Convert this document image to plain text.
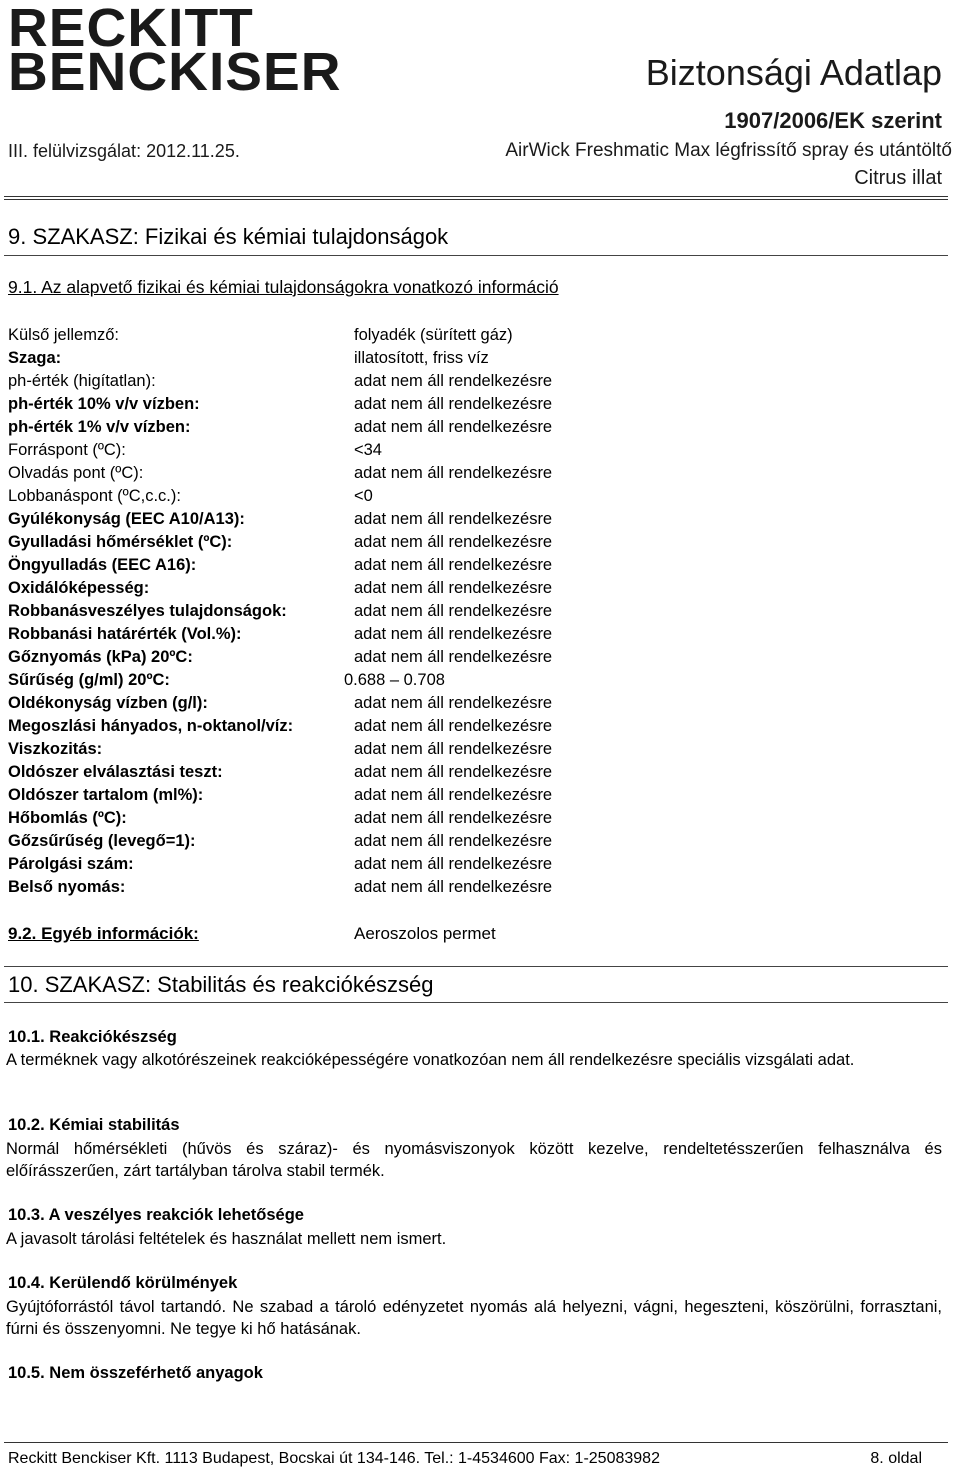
RECKITT
BENCKISER
III. felülvizsgálat: 2012.11.25.
Biztonsági Adatlap
1907/2006/EK szerint
AirWick Freshmatic Max légfrissítő spray és utántöltő
Citrus illat
9. SZAKASZ: Fizikai és kémiai tulajdonságok
9.1. Az alapvető fizikai és kémiai tulajdonságokra vonatkozó információ
Külső jellemző:	folyadék (sürített gáz)
Szaga:	illatosított, friss víz
ph-érték (higítatlan):	adat nem áll rendelkezésre
ph-érték 10% v/v vízben:	adat nem áll rendelkezésre
ph-érték 1% v/v vízben:	adat nem áll rendelkezésre
Forráspont (ºC):	<34
Olvadás pont (ºC):	adat nem áll rendelkezésre
Lobbanáspont (ºC,c.c.):	<0
Gyúlékonyság (EEC A10/A13):	adat nem áll rendelkezésre
Gyulladási hőmérséklet (ºC):	adat nem áll rendelkezésre
Öngyulladás (EEC A16):	adat nem áll rendelkezésre
Oxidálóképesség:	adat nem áll rendelkezésre
Robbanásveszélyes tulajdonságok:	adat nem áll rendelkezésre
Robbanási határérték (Vol.%):	adat nem áll rendelkezésre
Gőznyomás (kPa) 20ºC:	adat nem áll rendelkezésre
Sűrűség (g/ml) 20ºC:	0.688 – 0.708
Oldékonyság vízben (g/l):	adat nem áll rendelkezésre
Megoszlási hányados, n-oktanol/víz:	adat nem áll rendelkezésre
Viszkozitás:	adat nem áll rendelkezésre
Oldószer elválasztási teszt:	adat nem áll rendelkezésre
Oldószer tartalom (ml%):	adat nem áll rendelkezésre
Hőbomlás (ºC):	adat nem áll rendelkezésre
Gőzsűrűség (levegő=1):	adat nem áll rendelkezésre
Párolgási szám:	adat nem áll rendelkezésre
Belső nyomás:	adat nem áll rendelkezésre
9.2. Egyéb információk:	Aeroszolos permet
10. SZAKASZ: Stabilitás és reakciókészség
10.1. Reakciókészség
A terméknek vagy alkotórészeinek reakcióképességére vonatkozóan nem áll rendelkezésre speciális vizsgálati adat.
10.2. Kémiai stabilitás
Normál hőmérsékleti (hűvös és száraz)- és nyomásviszonyok között kezelve, rendeltetésszerűen felhasználva és előírásszerűen, zárt tartályban tárolva stabil termék.
10.3. A veszélyes reakciók lehetősége
A javasolt tárolási feltételek és használat mellett nem ismert.
10.4. Kerülendő körülmények
Gyújtóforrástól távol tartandó. Ne szabad a tároló edényzetet nyomás alá helyezni, vágni, hegeszteni, köszörülni, forrasztani, fúrni és összenyomni. Ne tegye ki hő hatásának.
10.5. Nem összeférhető anyagok
Reckitt Benckiser Kft. 1113 Budapest, Bocskai út 134-146. Tel.: 1-4534600 Fax: 1-25083982	8. oldal
